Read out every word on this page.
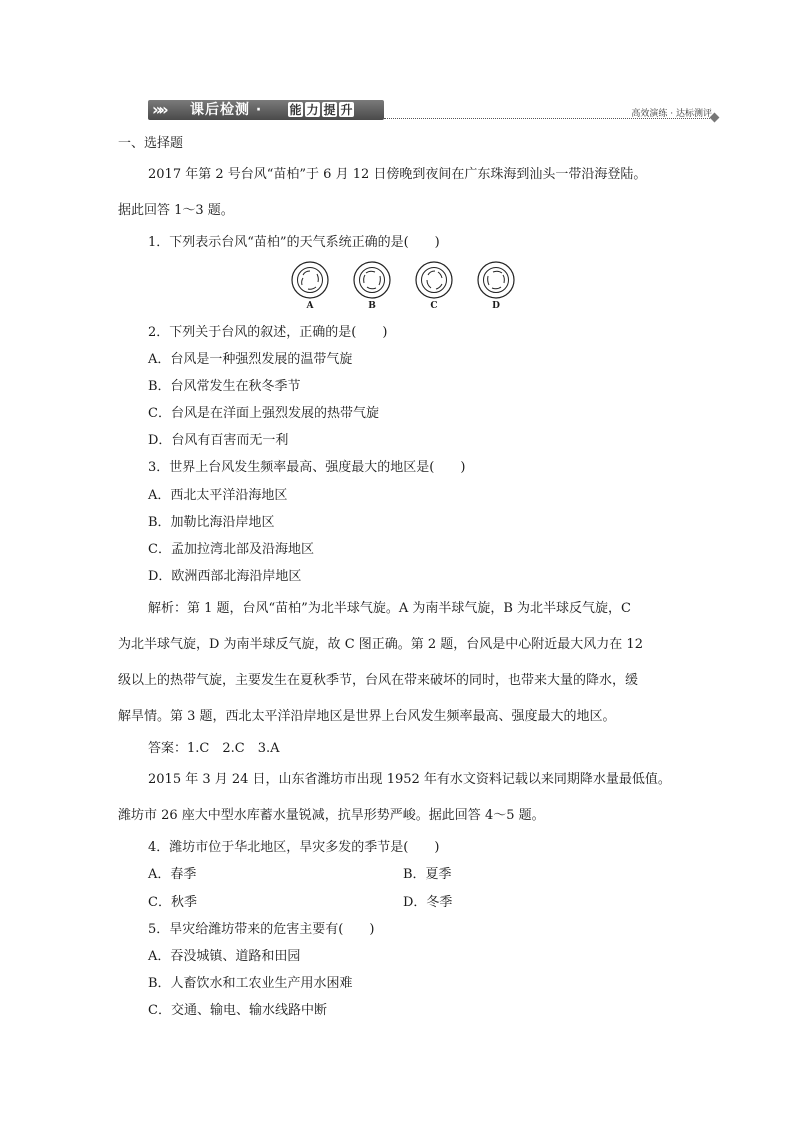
»» 课后检测 · 能 力 提 升	高效演练 · 达标测评
一、选择题
2017 年第 2 号台风“苗柏”于 6 月 12 日傍晚到夜间在广东珠海到汕头一带沿海登陆。
据此回答 1～3 题。
1．下列表示台风“苗柏”的天气系统正确的是(　　)
A	B	C	D
2．下列关于台风的叙述，正确的是(　　)
A．台风是一种强烈发展的温带气旋
B．台风常发生在秋冬季节
C．台风是在洋面上强烈发展的热带气旋
D．台风有百害而无一利
3．世界上台风发生频率最高、强度最大的地区是(　　)
A．西北太平洋沿海地区
B．加勒比海沿岸地区
C．孟加拉湾北部及沿海地区
D．欧洲西部北海沿岸地区
解析：第 1 题，台风“苗柏”为北半球气旋。A 为南半球气旋，B 为北半球反气旋，C
为北半球气旋，D 为南半球反气旋，故 C 图正确。第 2 题，台风是中心附近最大风力在 12
级以上的热带气旋，主要发生在夏秋季节，台风在带来破坏的同时，也带来大量的降水，缓
解旱情。第 3 题，西北太平洋沿岸地区是世界上台风发生频率最高、强度最大的地区。
答案：1.C　2.C　3.A
2015 年 3 月 24 日，山东省潍坊市出现 1952 年有水文资料记载以来同期降水量最低值。
潍坊市 26 座大中型水库蓄水量锐减，抗旱形势严峻。据此回答 4～5 题。
4．潍坊市位于华北地区，旱灾多发的季节是(　　)
A．春季	B．夏季
C．秋季	D．冬季
5．旱灾给潍坊带来的危害主要有(　　)
A．吞没城镇、道路和田园
B．人畜饮水和工农业生产用水困难
C．交通、输电、输水线路中断
